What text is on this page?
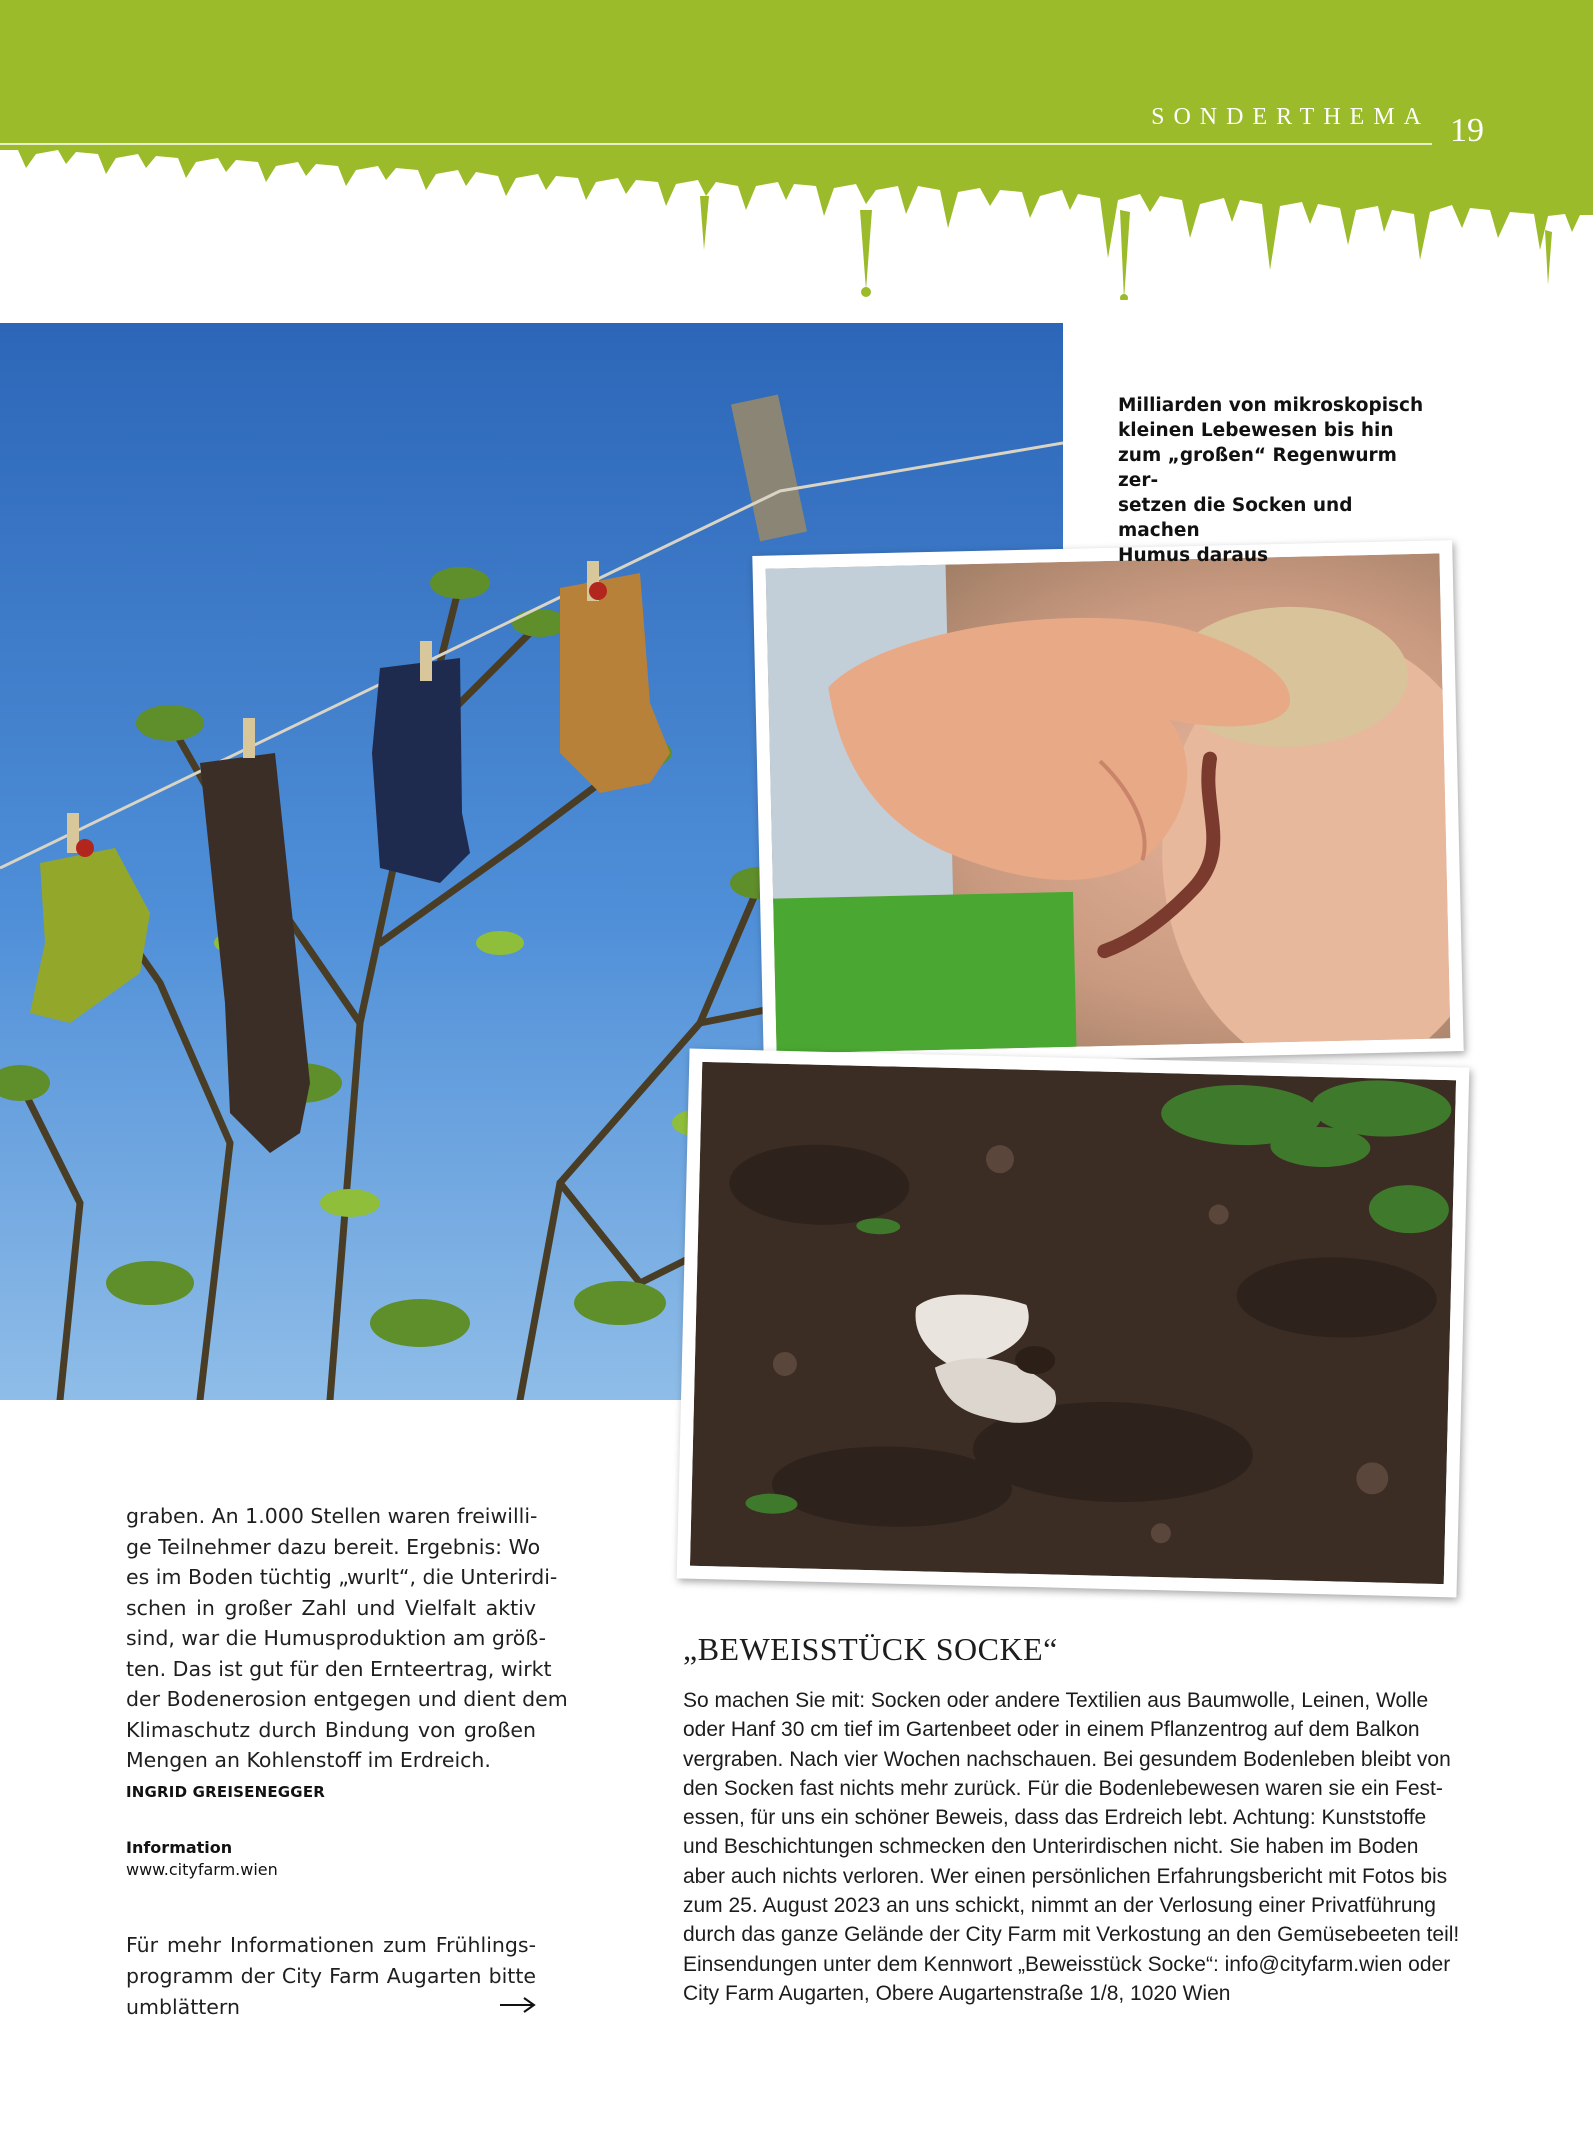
SONDERTHEMA 19
Milliarden von mikroskopisch
kleinen Lebewesen bis hin
zum „großen“ Regenwurm zer-
setzen die Socken und machen
Humus daraus
graben. An 1.000 Stellen waren freiwilli-
ge Teilnehmer dazu bereit. Ergebnis: Wo
es im Boden tüchtig „wurlt“, die Unterirdi-
schen in großer Zahl und Vielfalt aktiv
sind, war die Humusproduktion am größ-
ten. Das ist gut für den Ernteertrag, wirkt
der Bodenerosion entgegen und dient dem
Klimaschutz durch Bindung von großen
Mengen an Kohlenstoff im Erdreich.
INGRID GREISENEGGER
Information
www.cityfarm.wien
Für mehr Informationen zum Frühlings-
programm der City Farm Augarten bitte
umblättern
„BEWEISSTÜCK SOCKE“
So machen Sie mit: Socken oder andere Textilien aus Baumwolle, Leinen, Wolle
oder Hanf 30 cm tief im Gartenbeet oder in einem Pflanzentrog auf dem Balkon
vergraben. Nach vier Wochen nachschauen. Bei gesundem Bodenleben bleibt von
den Socken fast nichts mehr zurück. Für die Bodenlebewesen waren sie ein Fest-
essen, für uns ein schöner Beweis, dass das Erdreich lebt. Achtung: Kunststoffe
und Beschichtungen schmecken den Unterirdischen nicht. Sie haben im Boden
aber auch nichts verloren. Wer einen persönlichen Erfahrungsbericht mit Fotos bis
zum 25. August 2023 an uns schickt, nimmt an der Verlosung einer Privatführung
durch das ganze Gelände der City Farm mit Verkostung an den Gemüsebeeten teil!
Einsendungen unter dem Kennwort „Beweisstück Socke“: info@cityfarm.wien oder
City Farm Augarten, Obere Augartenstraße 1/8, 1020 Wien
